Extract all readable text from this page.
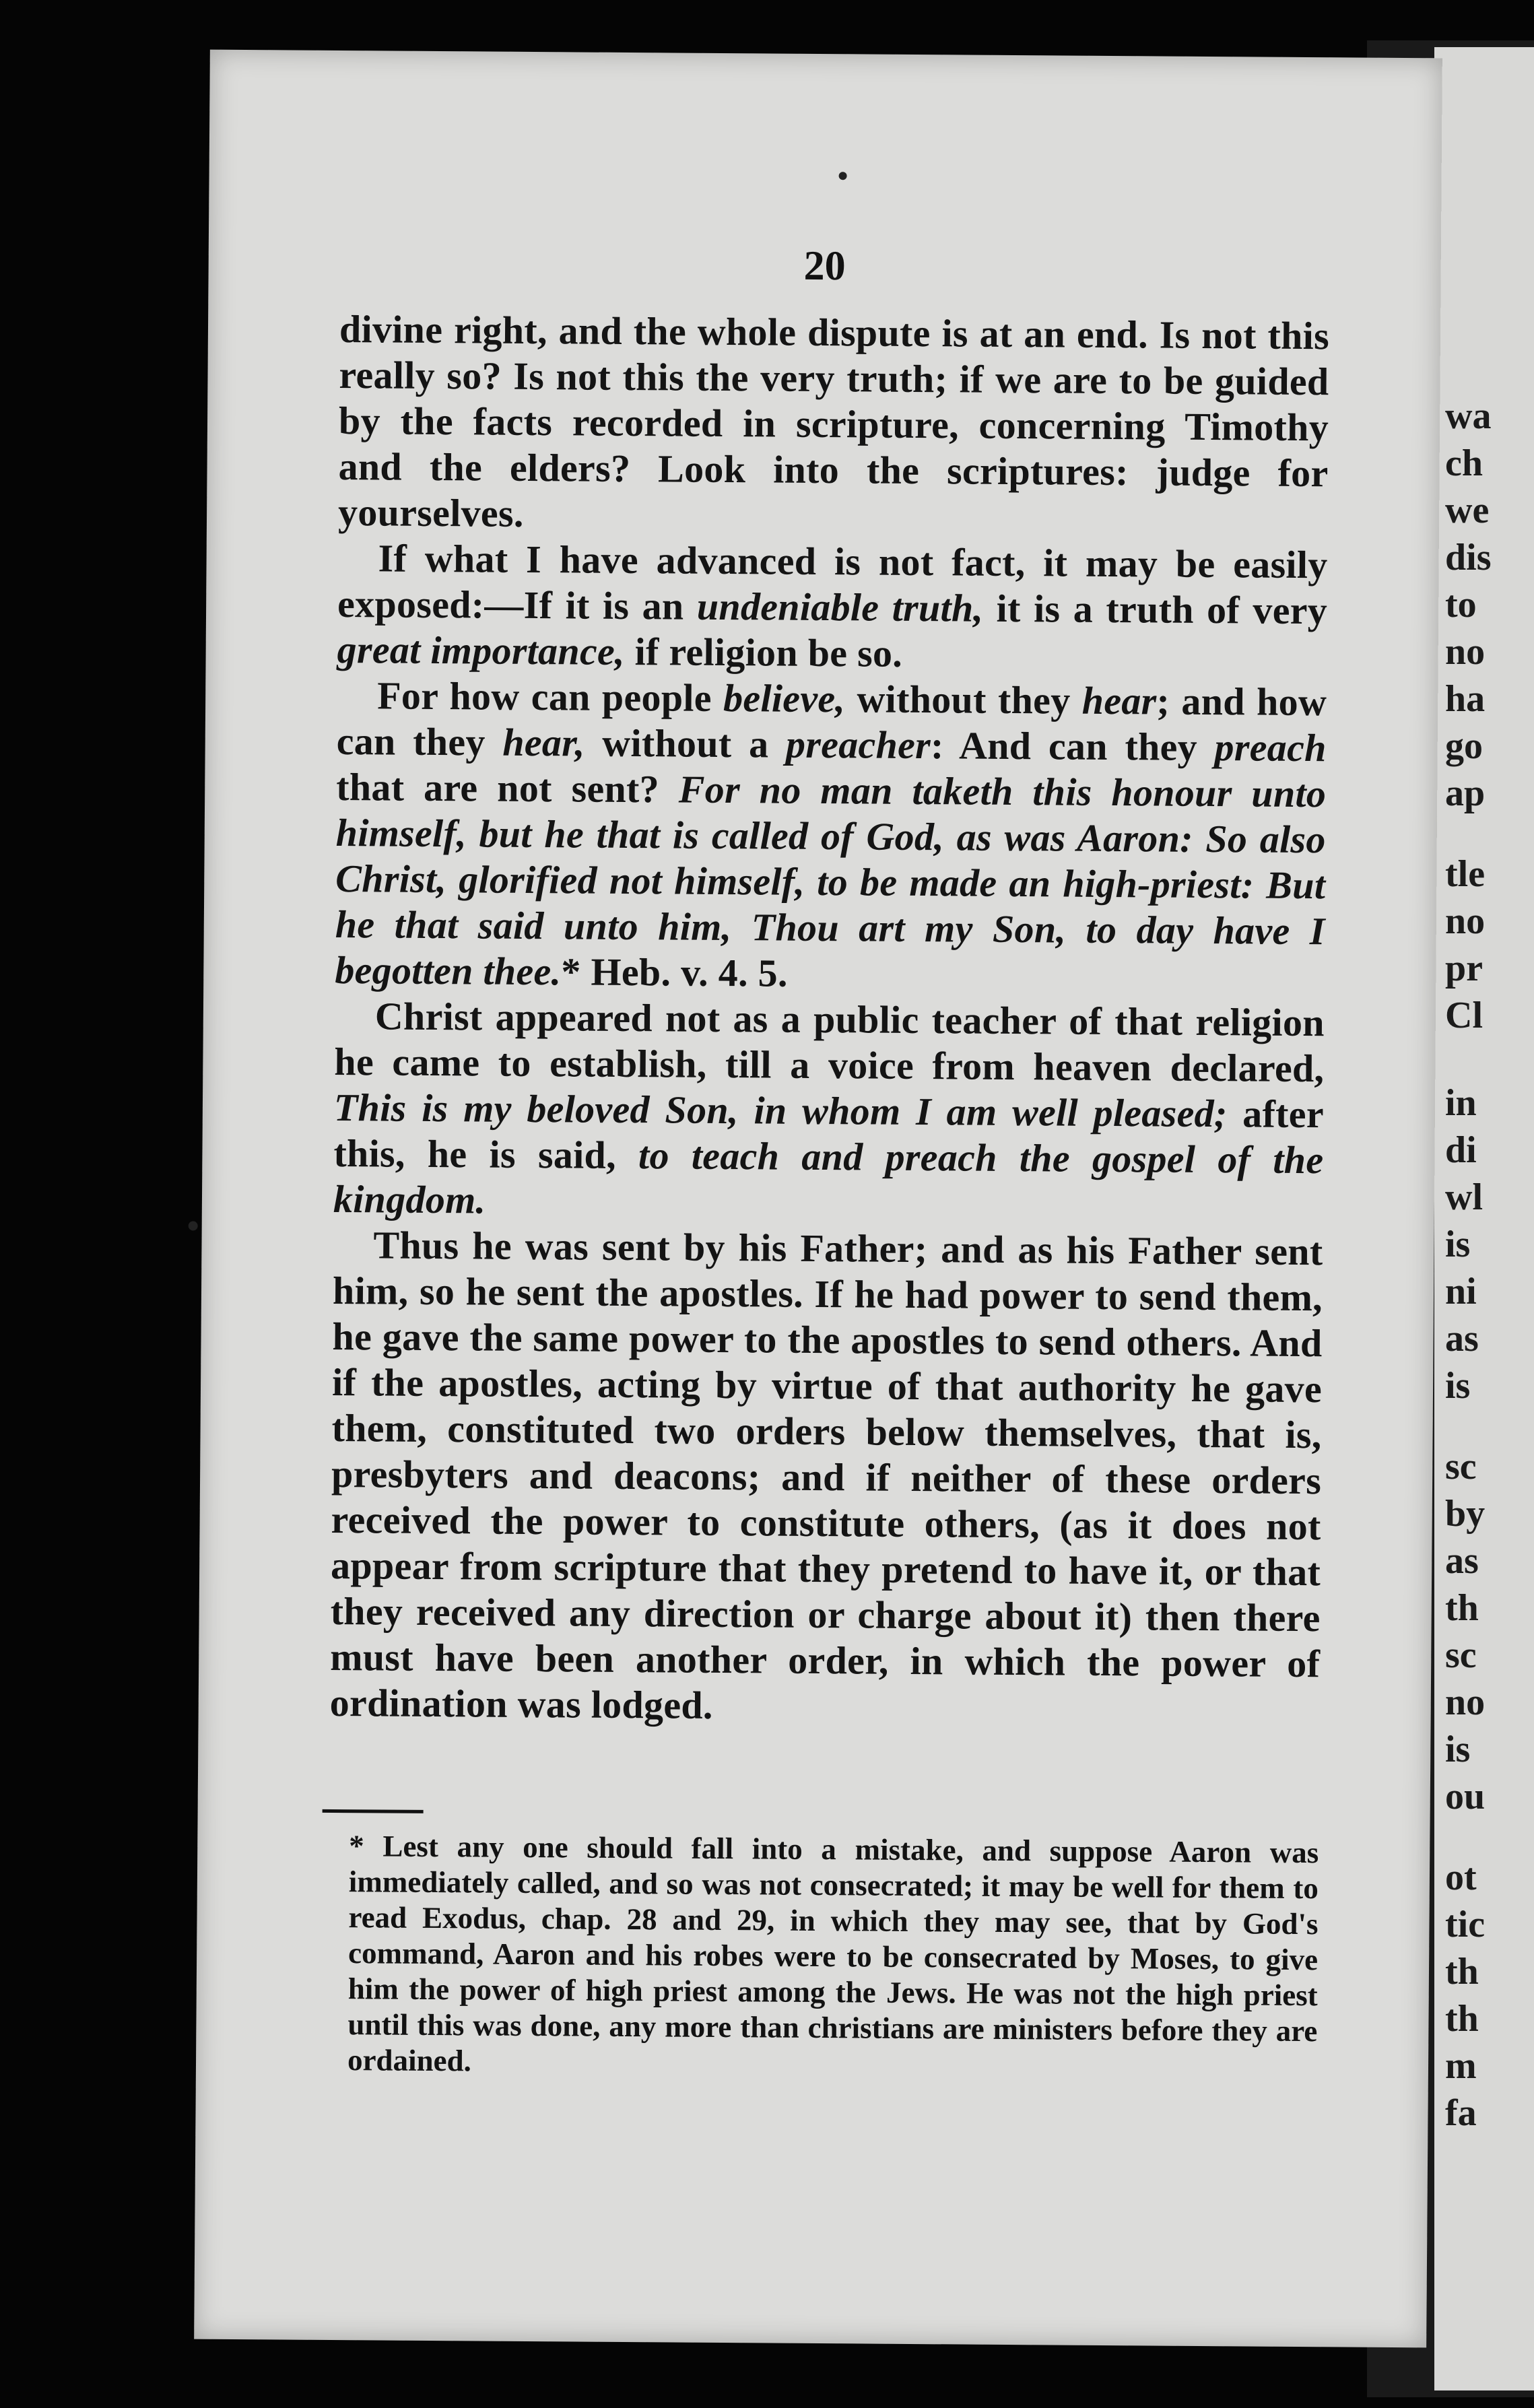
wa
ch
we
dis
to
no
ha
go
ap
tle
no
pr
Cl
in
di
wl
is
ni
as
is
sc
by
as
th
sc
no
is
ou
ot
tic
th
th
m
fa
20

divine right, and the whole dispute is at an end. Is not this really so? Is not this the very truth; if we are to be guided by the facts recorded in scripture, concerning Timothy and the elders? Look into the scriptures: judge for yourselves.

If what I have advanced is not fact, it may be easily exposed:—If it is an undeniable truth, it is a truth of very great importance, if religion be so.

For how can people believe, without they hear; and how can they hear, without a preacher: And can they preach that are not sent? For no man taketh this honour unto himself, but he that is called of God, as was Aaron: So also Christ, glorified not himself, to be made an high-priest: But he that said unto him, Thou art my Son, to day have I begotten thee.* Heb. v. 4. 5.

Christ appeared not as a public teacher of that religion he came to establish, till a voice from heaven declared, This is my beloved Son, in whom I am well pleased; after this, he is said, to teach and preach the gospel of the kingdom.

Thus he was sent by his Father; and as his Father sent him, so he sent the apostles. If he had power to send them, he gave the same power to the apostles to send others. And if the apostles, acting by virtue of that authority he gave them, constituted two orders below themselves, that is, presbyters and deacons; and if neither of these orders received the power to constitute others, (as it does not appear from scripture that they pretend to have it, or that they received any direction or charge about it) then there must have been another order, in which the power of ordination was lodged.

* Lest any one should fall into a mistake, and suppose Aaron was immediately called, and so was not consecrated; it may be well for them to read Exodus, chap. 28 and 29, in which they may see, that by God's command, Aaron and his robes were to be consecrated by Moses, to give him the power of high priest among the Jews. He was not the high priest until this was done, any more than christians are ministers before they are ordained.
